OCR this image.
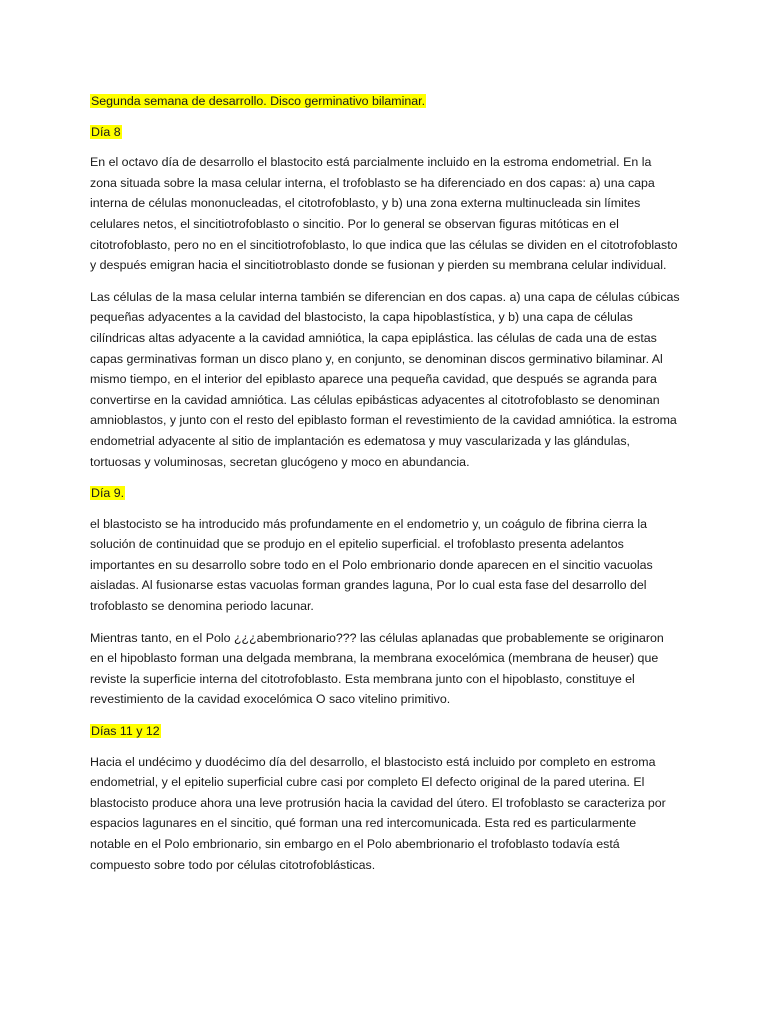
Segunda semana de desarrollo. Disco germinativo bilaminar.
Día 8

En el octavo día de desarrollo el blastocito está parcialmente incluido en la estroma endometrial. En la zona situada sobre la masa celular interna, el trofoblasto se ha diferenciado en dos capas: a) una capa interna de células mononucleadas, el citotrofoblasto, y b) una zona externa multinucleada sin límites celulares netos, el sincitiotrofoblasto o sincitio. Por lo general se observan figuras mitóticas en el citotrofoblasto, pero no en el sincitiotrofoblasto, lo que indica que las células se dividen en el citotrofoblasto y después emigran hacia el sincitiotroblasto donde se fusionan y pierden su membrana celular individual.

Las células de la masa celular interna también se diferencian en dos capas. a) una capa de células cúbicas pequeñas adyacentes a la cavidad del blastocisto, la capa hipoblastística, y b) una capa de células cilíndricas altas adyacente a la cavidad amniótica, la capa epiplástica. las células de cada una de estas capas germinativas forman un disco plano y, en conjunto, se denominan discos germinativo bilaminar. Al mismo tiempo, en el interior del epiblasto aparece una pequeña cavidad, que después se agranda para convertirse en la cavidad amniótica. Las células epibásticas adyacentes al citotrofoblasto se denominan amnioblastos, y junto con el resto del epiblasto forman el revestimiento de la cavidad amniótica. la estroma endometrial adyacente al sitio de implantación es edematosa y muy vascularizada y las glándulas, tortuosas y voluminosas, secretan glucógeno y moco en abundancia.

Día 9.

el blastocisto se ha introducido más profundamente en el endometrio y, un coágulo de fibrina cierra la solución de continuidad que se produjo en el epitelio superficial. el trofoblasto presenta adelantos importantes en su desarrollo sobre todo en el Polo embrionario donde aparecen en el sincitio vacuolas aisladas. Al fusionarse estas vacuolas forman grandes laguna, Por lo cual esta fase del desarrollo del trofoblasto se denomina periodo lacunar.

Mientras tanto, en el Polo ¿¿¿abembrionario??? las células aplanadas que probablemente se originaron en el hipoblasto forman una delgada membrana, la membrana exocelómica (membrana de heuser) que reviste la superficie interna del citotrofoblasto. Esta membrana junto con el hipoblasto, constituye el revestimiento de la cavidad exocelómica O saco vitelino primitivo.

Días 11 y 12

Hacia el undécimo y duodécimo día del desarrollo, el blastocisto está incluido por completo en estroma endometrial, y el epitelio superficial cubre casi por completo El defecto original de la pared uterina. El blastocisto produce ahora una leve protrusión hacia la cavidad del útero. El trofoblasto se caracteriza por espacios lagunares en el sincitio, qué forman una red intercomunicada. Esta red es particularmente notable en el Polo embrionario, sin embargo en el Polo abembrionario el trofoblasto todavía está compuesto sobre todo por células citotrofoblásticas.
